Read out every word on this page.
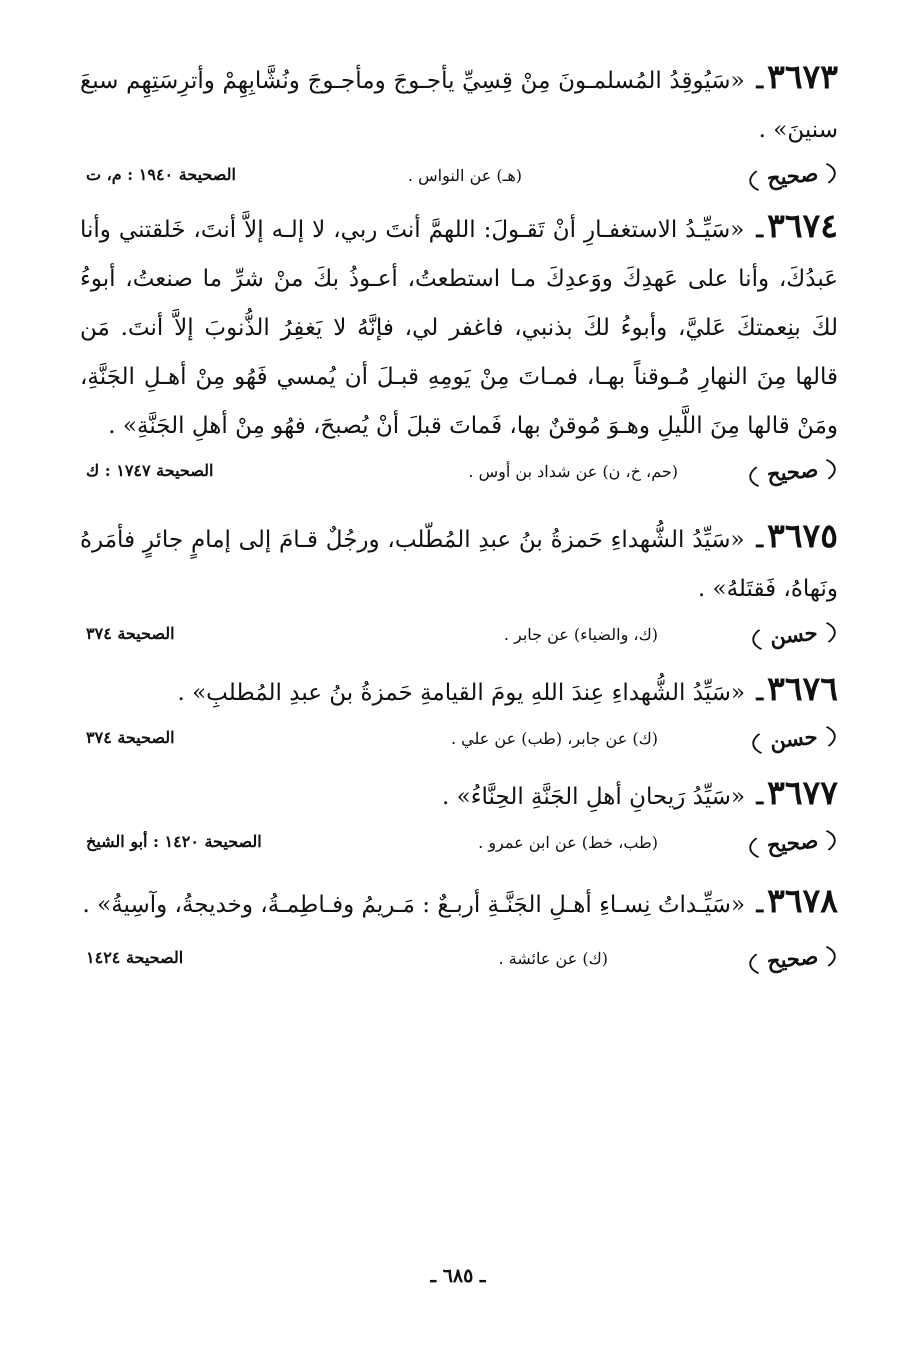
٣٦٧٣ـ «سَيُوقِدُ المُسلمـونَ مِنْ قِسِيِّ يأجـوجَ ومأجـوجَ ونُشَّابِهِمْ وأترِسَتِهِم سبعَ سنينَ» .

صحيح
(هـ) عن النواس .
الصحيحة ١٩٤٠ : م، ت

٣٦٧٤ـ «سَيِّـدُ الاستغفـارِ أنْ تَقـولَ: اللهمَّ أنتَ ربي، لا إلـه إلاَّ أنتَ، خَلقتني وأنا عَبدُكَ، وأنا على عَهدِكَ ووَعدِكَ مـا استطعتُ، أعـوذُ بكَ منْ شرِّ ما صنعتُ، أبوءُ لكَ بنِعمتكَ عَليَّ، وأبوءُ لكَ بذنبي، فاغفر لي، فإنَّهُ لا يَغفِرُ الذُّنوبَ إلاَّ أنتَ. مَن قالها مِنَ النهارِ مُـوقناً بهـا، فمـاتَ مِنْ يَومِهِ قبـلَ أن يُمسي فَهُو مِنْ أهـلِ الجَنَّةِ، ومَنْ قالها مِنَ اللَّيلِ وهـوَ مُوقنٌ بها، فَماتَ قبلَ أنْ يُصبحَ، فهُو مِنْ أهلِ الجَنَّةِ» .

صحيح
(حم، خ، ن) عن شداد بن أوس .
الصحيحة ١٧٤٧ : ك

٣٦٧٥ـ «سَيِّدُ الشُّهداءِ حَمزةُ بنُ عبدِ المُطّلب، ورجُلٌ قـامَ إلى إمامٍ جائرٍ فأمَرهُ ونَهاهُ، فَقتَلهُ» .

حسن
(ك، والضياء) عن جابر .
الصحيحة ٣٧٤

٣٦٧٦ـ «سَيِّدُ الشُّهداءِ عِندَ اللهِ يومَ القيامةِ حَمزةُ بنُ عبدِ المُطلبِ» .

حسن
(ك) عن جابر، (طب) عن علي .
الصحيحة ٣٧٤

٣٦٧٧ـ «سَيِّدُ رَيحانِ أهلِ الجَنَّةِ الحِنَّاءُ» .

صحيح
(طب، خط) عن ابن عمرو .
الصحيحة ١٤٢٠ : أبو الشيخ

٣٦٧٨ـ «سَيِّـداتُ نِسـاءِ أهـلِ الجَنَّـةِ أربـعٌ : مَـريمُ وفـاطِمـةُ، وخديجةُ، وآسِيةُ» .

صحيح
(ك) عن عائشة .
الصحيحة ١٤٢٤
ـ ٦٨٥ ـ
